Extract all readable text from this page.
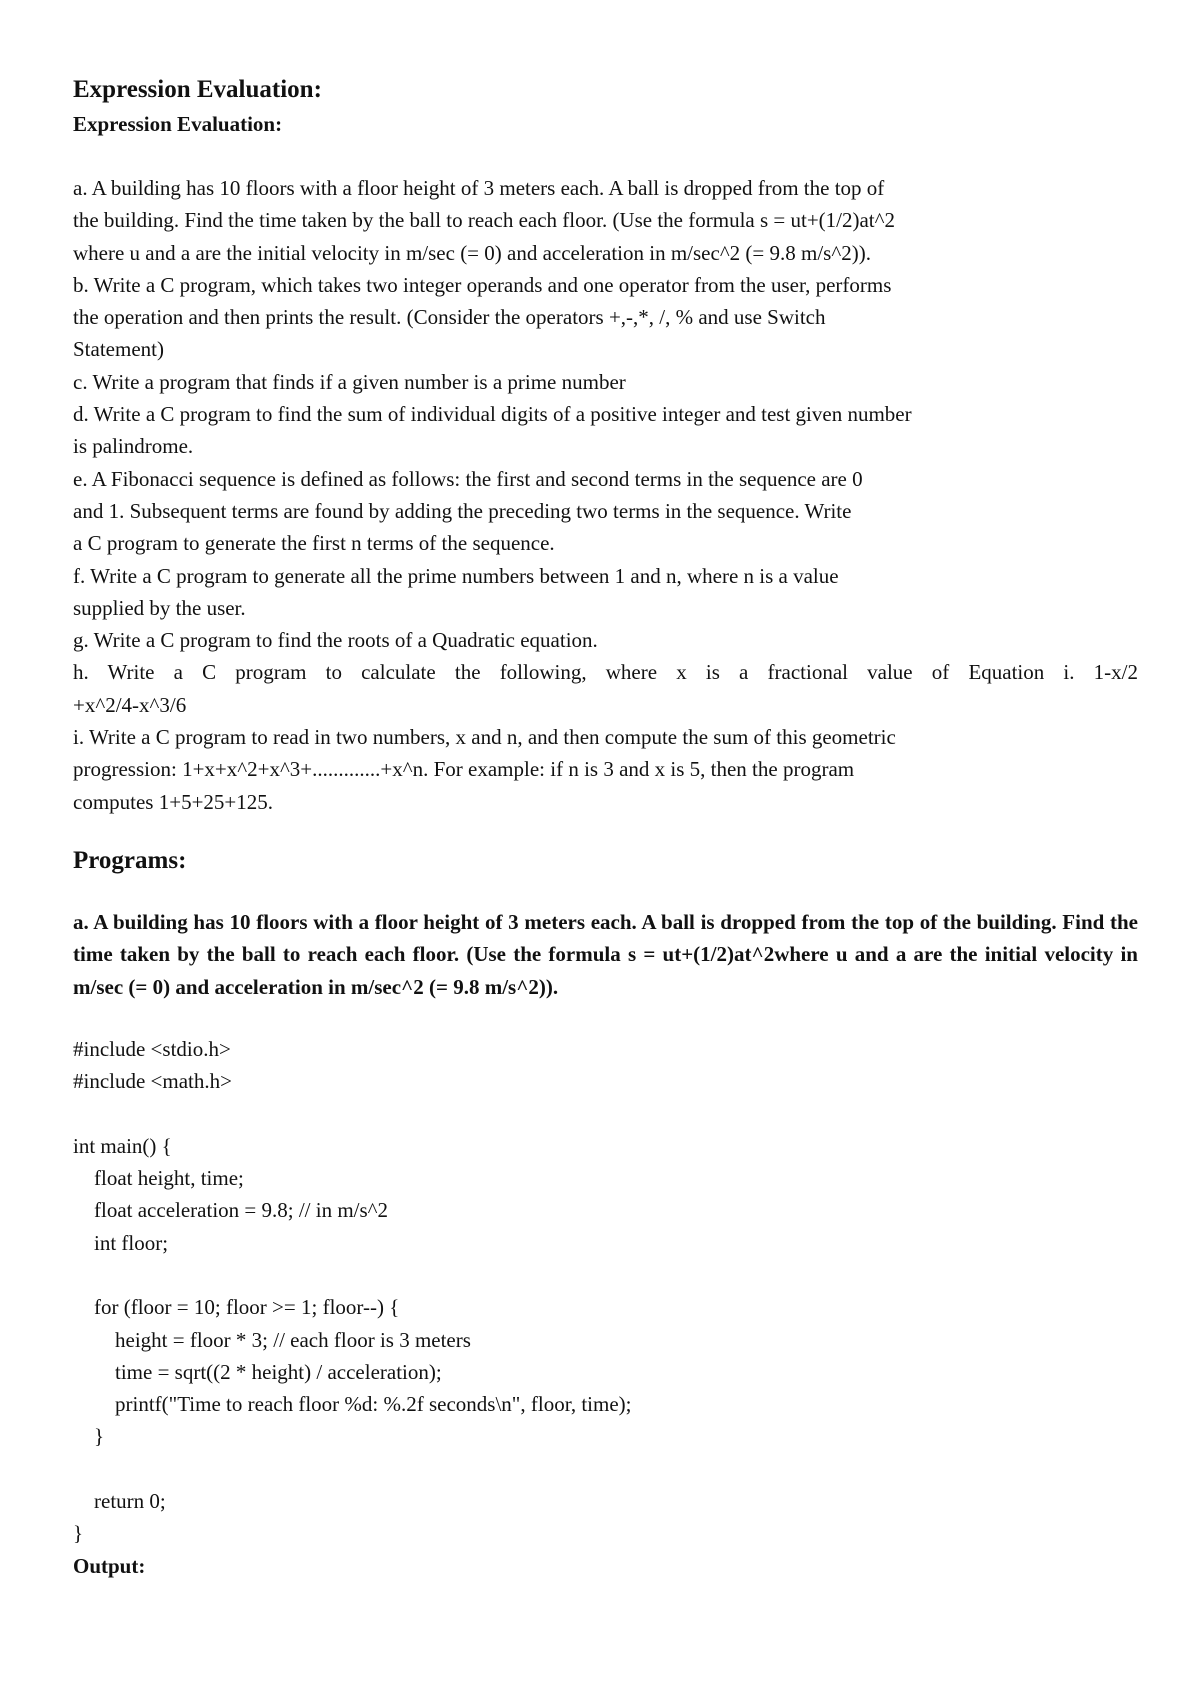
Expression Evaluation:

Expression Evaluation:

a. A building has 10 floors with a floor height of 3 meters each. A ball is dropped from the top of
the building. Find the time taken by the ball to reach each floor. (Use the formula s = ut+(1/2)at^2
where u and a are the initial velocity in m/sec (= 0) and acceleration in m/sec^2 (= 9.8 m/s^2)).

b. Write a C program, which takes two integer operands and one operator from the user, performs
the operation and then prints the result. (Consider the operators +,-,*, /, % and use Switch
Statement)

c. Write a program that finds if a given number is a prime number

d. Write a C program to find the sum of individual digits of a positive integer and test given number
is palindrome.

e. A Fibonacci sequence is defined as follows: the first and second terms in the sequence are 0
and 1. Subsequent terms are found by adding the preceding two terms in the sequence. Write
a C program to generate the first n terms of the sequence.

f. Write a C program to generate all the prime numbers between 1 and n, where n is a value
supplied by the user.

g. Write a C program to find the roots of a Quadratic equation.

h. Write a C program to calculate the following, where x is a fractional value of Equation i. 1-x/2

+x^2/4-x^3/6

i. Write a C program to read in two numbers, x and n, and then compute the sum of this geometric
progression: 1+x+x^2+x^3+.............+x^n. For example: if n is 3 and x is 5, then the program
computes 1+5+25+125.

Programs:

a. A building has 10 floors with a floor height of 3 meters each. A ball is dropped from the top of the building. Find the time taken by the ball to reach each floor. (Use the formula s = ut+(1/2)at^2where u and a are the initial velocity in m/sec (= 0) and acceleration in m/sec^2 (= 9.8 m/s^2)).

#include <stdio.h>
#include <math.h>

int main() {
float height, time;
float acceleration = 9.8; // in m/s^2
int floor;

for (floor = 10; floor >= 1; floor--) {
height = floor * 3; // each floor is 3 meters
time = sqrt((2 * height) / acceleration);
printf("Time to reach floor %d: %.2f seconds\n", floor, time);
}

return 0;
}

Output:
